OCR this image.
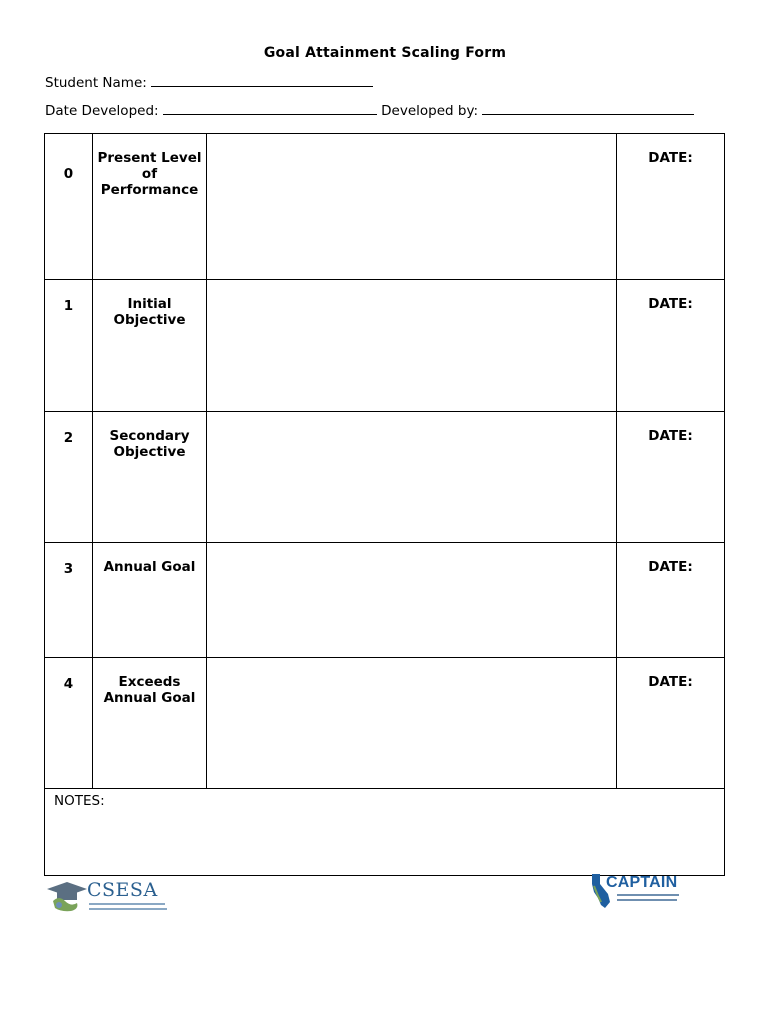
Goal Attainment Scaling Form
Student Name:
Date Developed:	Developed by:
0	Present Level of Performance		DATE:
1	Initial Objective		DATE:
2	Secondary Objective		DATE:
3	Annual Goal		DATE:
4	Exceeds Annual Goal		DATE:
NOTES:			
CSESA	CAPTAIN
